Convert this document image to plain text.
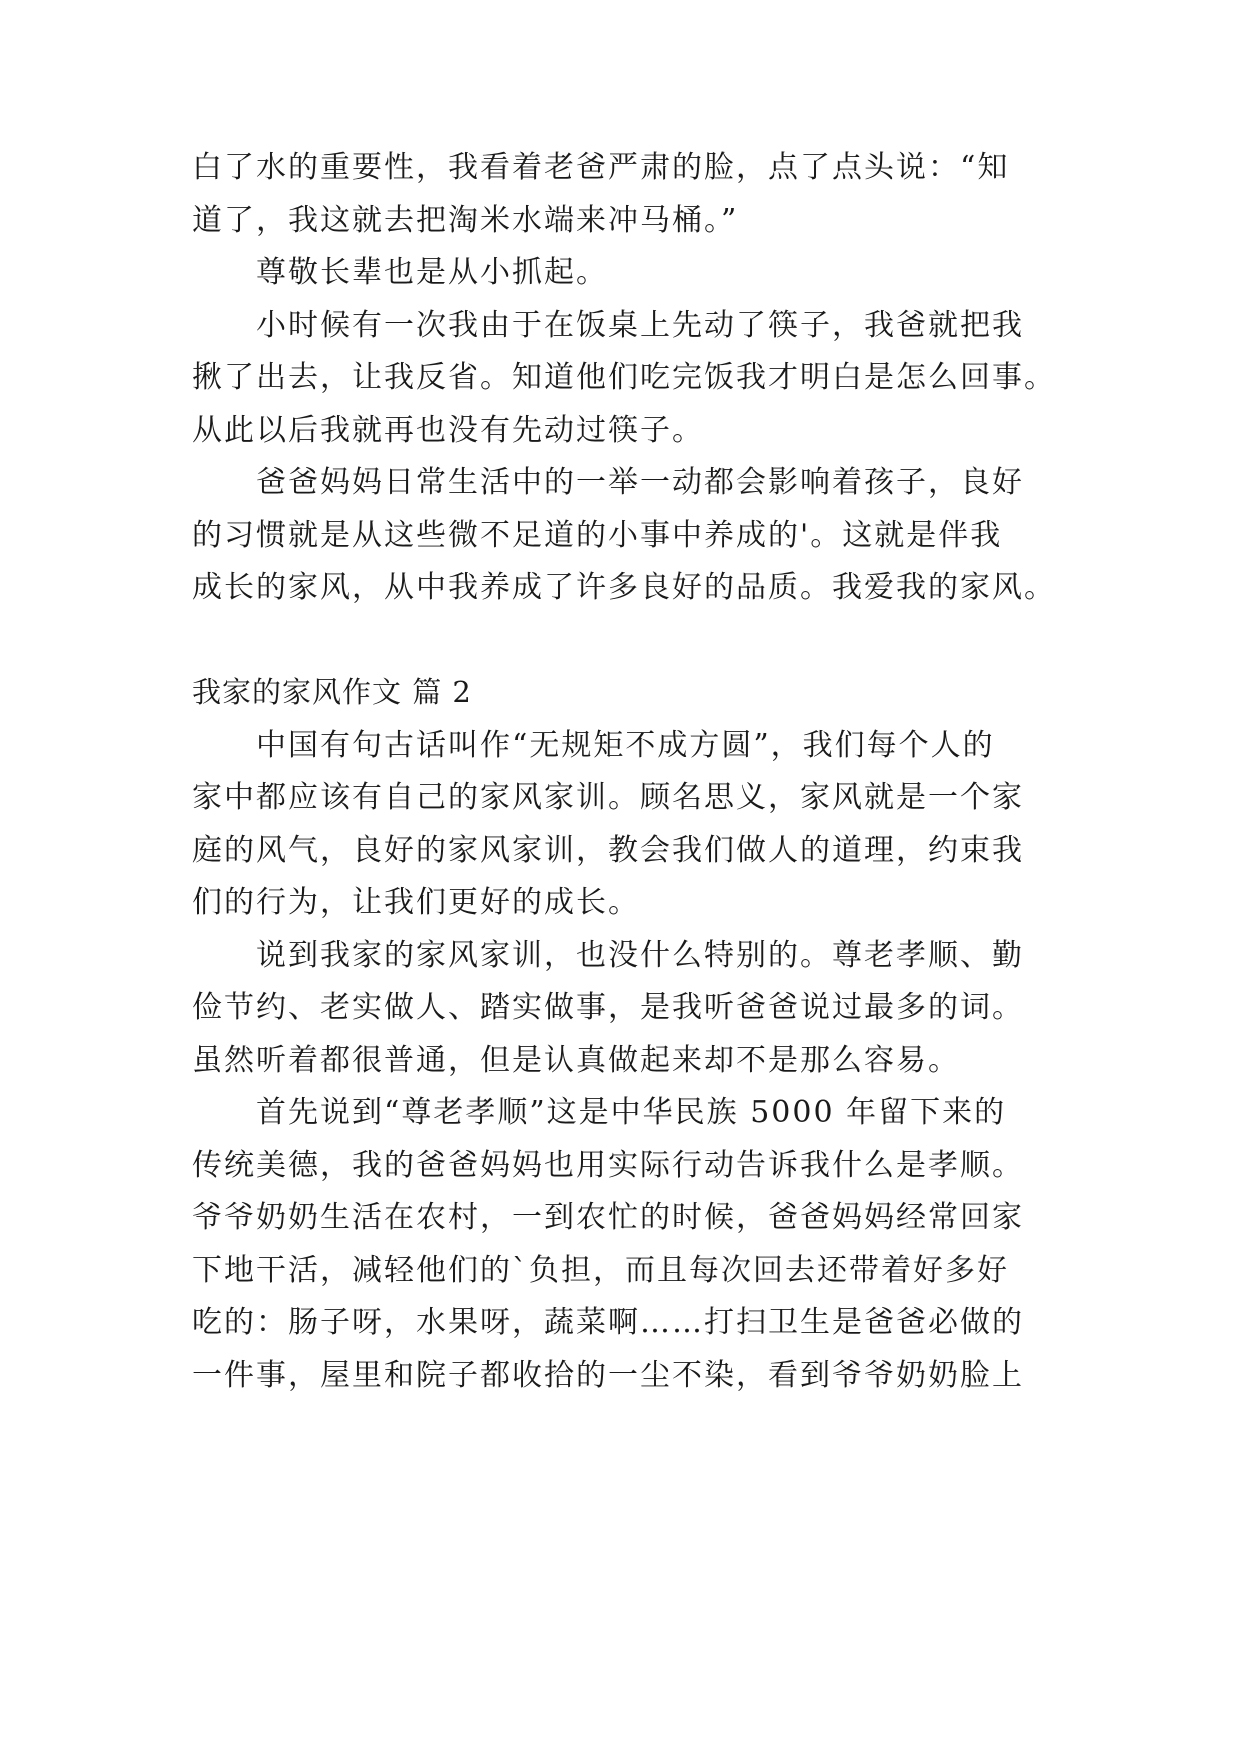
白了水的重要性，我看着老爸严肃的脸，点了点头说：“知
道了，我这就去把淘米水端来冲马桶。”
尊敬长辈也是从小抓起。
小时候有一次我由于在饭桌上先动了筷子，我爸就把我
揪了出去，让我反省。知道他们吃完饭我才明白是怎么回事。
从此以后我就再也没有先动过筷子。
爸爸妈妈日常生活中的一举一动都会影响着孩子，良好
的习惯就是从这些微不足道的小事中养成的'。这就是伴我
成长的家风，从中我养成了许多良好的品质。我爱我的家风。
我家的家风作文 篇 2
中国有句古话叫作“无规矩不成方圆”，我们每个人的
家中都应该有自己的家风家训。顾名思义，家风就是一个家
庭的风气，良好的家风家训，教会我们做人的道理，约束我
们的行为，让我们更好的成长。
说到我家的家风家训，也没什么特别的。尊老孝顺、勤
俭节约、老实做人、踏实做事，是我听爸爸说过最多的词。
虽然听着都很普通，但是认真做起来却不是那么容易。
首先说到“尊老孝顺”这是中华民族 5000 年留下来的
传统美德，我的爸爸妈妈也用实际行动告诉我什么是孝顺。
爷爷奶奶生活在农村，一到农忙的时候，爸爸妈妈经常回家
下地干活，减轻他们的`负担，而且每次回去还带着好多好
吃的：肠子呀，水果呀，蔬菜啊……打扫卫生是爸爸必做的
一件事，屋里和院子都收拾的一尘不染，看到爷爷奶奶脸上
